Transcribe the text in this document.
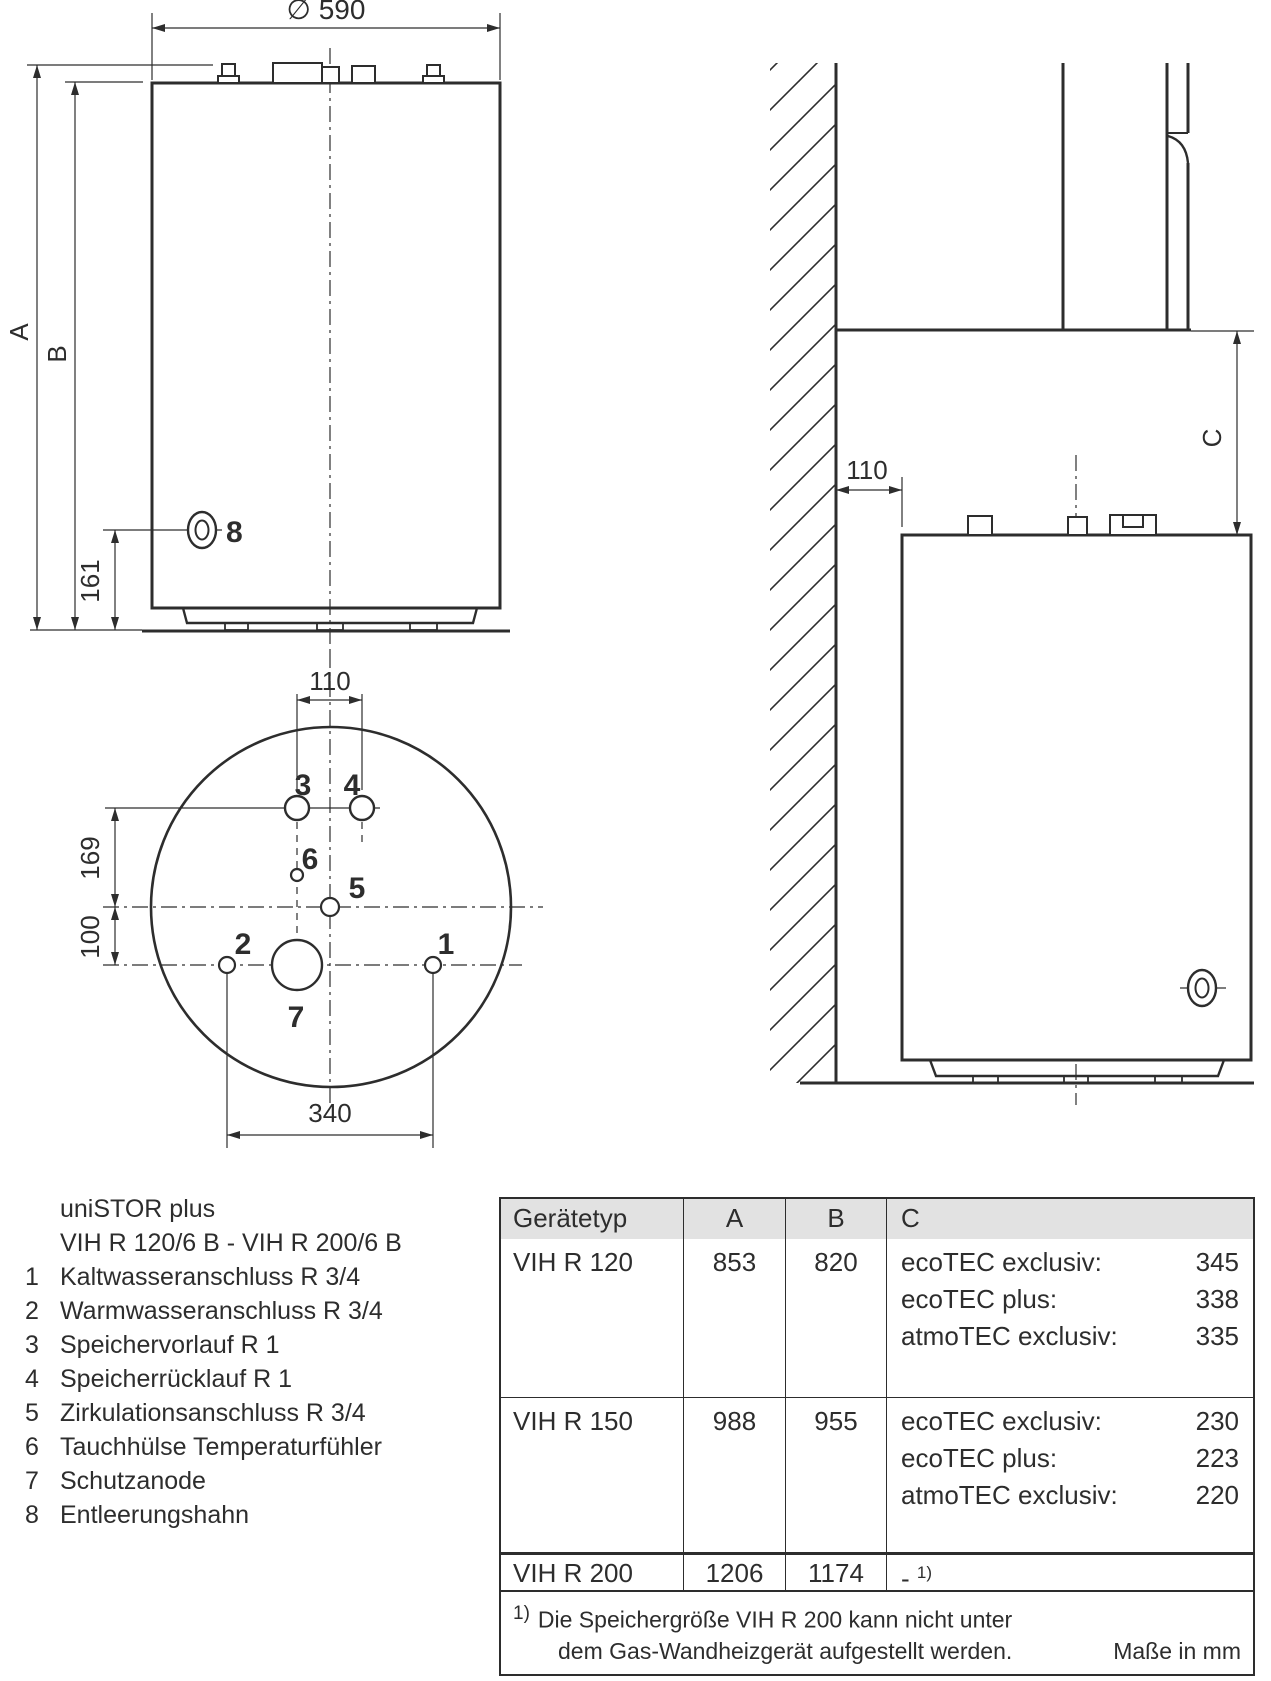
∅ 590
A
B
161
8
110
169
100
340
3 4
6
5
2	1
7
110
C
uniSTOR plus
VIH R 120/6 B - VIH R 200/6 B
1 Kaltwasseranschluss R 3/4
2 Warmwasseranschluss R 3/4
3 Speichervorlauf R 1
4 Speicherrücklauf R 1
5 Zirkulationsanschluss R 3/4
6 Tauchhülse Temperaturfühler
7 Schutzanode
8 Entleerungshahn
Gerätetyp	A	B	C
VIH R 120	853	820	ecoTEC exclusiv:	345
ecoTEC plus:	338
atmoTEC exclusiv:	335
VIH R 150	988	955	ecoTEC exclusiv:	230
ecoTEC plus:	223
atmoTEC exclusiv:	220
VIH R 200	1206	1174	- $^{1)}$
$^{1)}$ Die Speichergröße VIH R 200 kann nicht unter
dem Gas-Wandheizgerät aufgestellt werden.	Maße in mm
